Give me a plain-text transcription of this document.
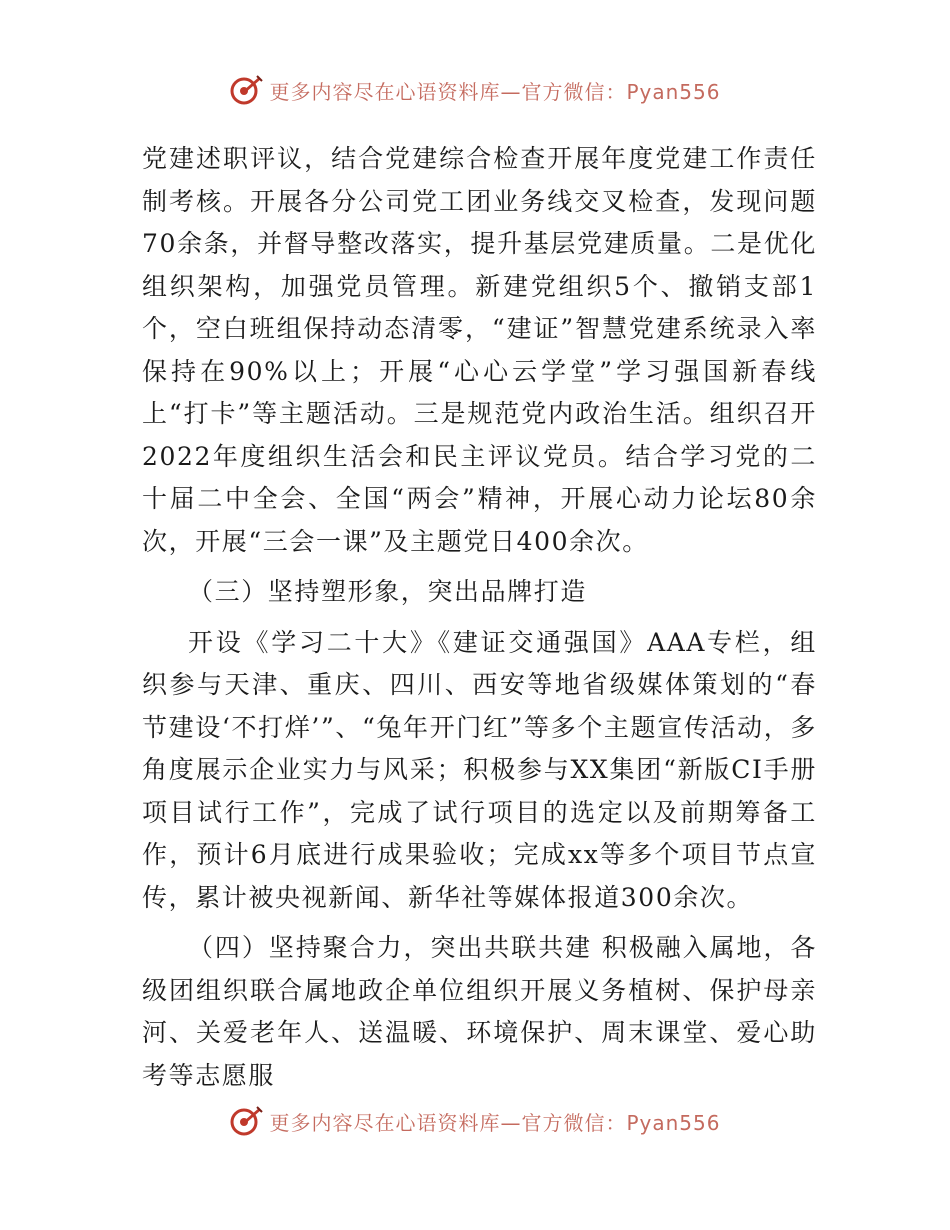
更多内容尽在心语资料库—官方微信：Pyan556

党建述职评议，结合党建综合检查开展年度党建工作责任制考核。开展各分公司党工团业务线交叉检查，发现问题70余条，并督导整改落实，提升基层党建质量。二是优化组织架构，加强党员管理。新建党组织5个、撤销支部1个，空白班组保持动态清零，“建证”智慧党建系统录入率保持在90%以上；开展“心心云学堂”学习强国新春线上“打卡”等主题活动。三是规范党内政治生活。组织召开2022年度组织生活会和民主评议党员。结合学习党的二十届二中全会、全国“两会”精神，开展心动力论坛80余次，开展“三会一课”及主题党日400余次。

（三）坚持塑形象，突出品牌打造

开设《学习二十大》《建证交通强国》AAA专栏，组织参与天津、重庆、四川、西安等地省级媒体策划的“春节建设‘不打烊’”、“兔年开门红”等多个主题宣传活动，多角度展示企业实力与风采；积极参与XX集团“新版CI手册项目试行工作”，完成了试行项目的选定以及前期筹备工作，预计6月底进行成果验收；完成xx等多个项目节点宣传，累计被央视新闻、新华社等媒体报道300余次。

（四）坚持聚合力，突出共联共建 积极融入属地，各级团组织联合属地政企单位组织开展义务植树、保护母亲河、关爱老年人、送温暖、环境保护、周末课堂、爱心助考等志愿服

更多内容尽在心语资料库—官方微信：Pyan556
